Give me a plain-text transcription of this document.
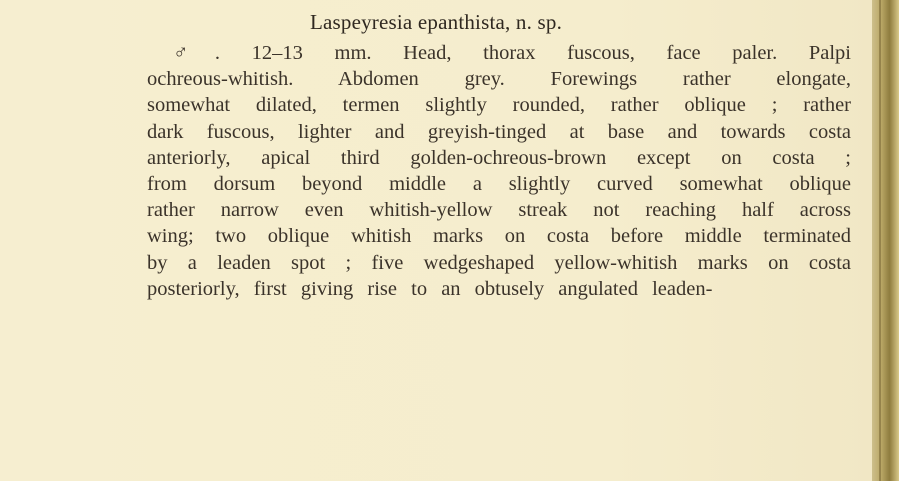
Laspeyresia epanthista, n. sp.
♂. 12–13 mm. Head, thorax fuscous, face paler. Palpi
ochreous-whitish. Abdomen grey. Forewings rather elongate,
somewhat dilated, termen slightly rounded, rather oblique ; rather
dark fuscous, lighter and greyish-tinged at base and towards costa
anteriorly, apical third golden-ochreous-brown except on costa ;
from dorsum beyond middle a slightly curved somewhat oblique
rather narrow even whitish-yellow streak not reaching half across
wing; two oblique whitish marks on costa before middle terminated
by a leaden spot ; five wedgeshaped yellow-whitish marks on costa
posteriorly, first giving rise to an obtusely angulated leaden-
